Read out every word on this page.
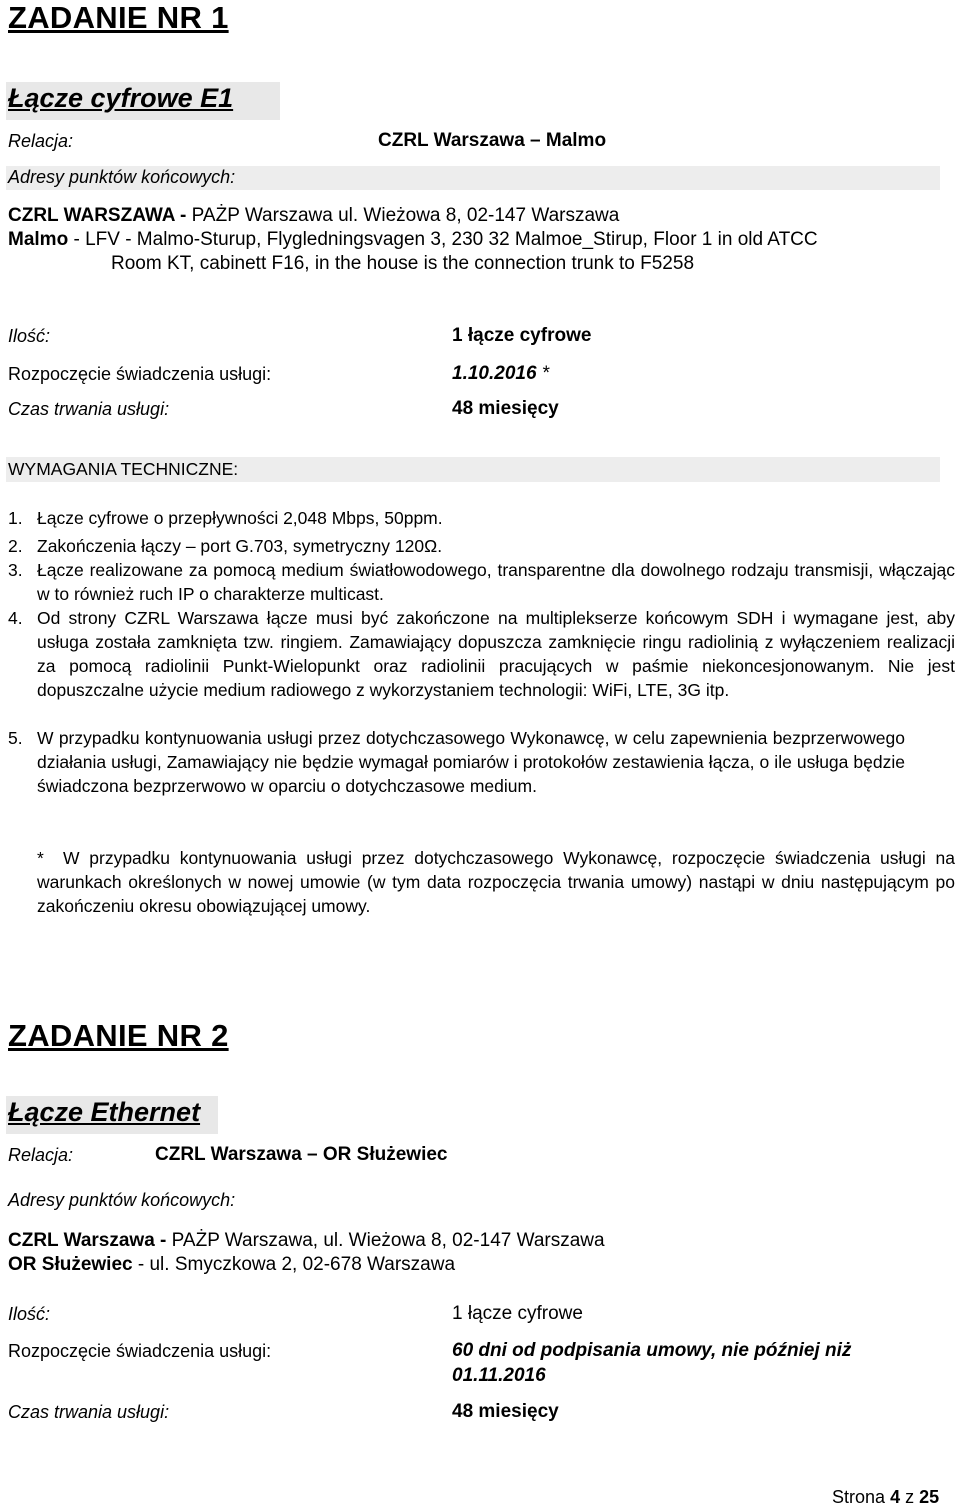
ZADANIE NR 1
Łącze cyfrowe E1
Relacja:	CZRL Warszawa – Malmo
Adresy punktów końcowych:
CZRL WARSZAWA - PAŻP Warszawa ul. Wieżowa 8, 02-147 Warszawa
Malmo - LFV - Malmo-Sturup, Flygledningsvagen 3, 230 32 Malmoe_Stirup, Floor 1 in old ATCC
Room KT, cabinett F16, in the house is the connection trunk to F5258
Ilość:	1 łącze cyfrowe
Rozpoczęcie świadczenia usługi:	1.10.2016 *
Czas trwania usługi:	48 miesięcy
WYMAGANIA TECHNICZNE:
1. Łącze cyfrowe o przepływności 2,048 Mbps, 50ppm.
2. Zakończenia łączy – port G.703, symetryczny 120Ω.
3. Łącze realizowane za pomocą medium światłowodowego, transparentne dla dowolnego rodzaju transmisji, włączając w to również ruch IP o charakterze multicast.

4. Od strony CZRL Warszawa łącze musi być zakończone na multiplekserze końcowym SDH i wymagane jest, aby usługa została zamknięta tzw. ringiem. Zamawiający dopuszcza zamknięcie ringu radiolinią z wyłączeniem realizacji za pomocą radiolinii Punkt-Wielopunkt oraz radiolinii pracujących w paśmie niekoncesjonowanym. Nie jest dopuszczalne użycie medium radiowego z wykorzystaniem technologii: WiFi, LTE, 3G itp.

5. W przypadku kontynuowania usługi przez dotychczasowego Wykonawcę, w celu zapewnienia bezprzerwowego działania usługi, Zamawiający nie będzie wymagał pomiarów i protokołów zestawienia łącza, o ile usługa będzie świadczona bezprzerwowo w oparciu o dotychczasowe medium.

*	W przypadku kontynuowania usługi przez dotychczasowego Wykonawcę, rozpoczęcie świadczenia usługi na warunkach określonych w nowej umowie (w tym data rozpoczęcia trwania umowy) nastąpi w dniu następującym po zakończeniu okresu obowiązującej umowy.

ZADANIE NR 2
Łącze Ethernet
Relacja:	CZRL Warszawa – OR Służewiec
Adresy punktów końcowych:
CZRL Warszawa - PAŻP Warszawa, ul. Wieżowa 8, 02-147 Warszawa
OR Służewiec - ul. Smyczkowa 2, 02-678 Warszawa
Ilość:	1 łącze cyfrowe
Rozpoczęcie świadczenia usługi:	60 dni od podpisania umowy, nie później niż
01.11.2016
Czas trwania usługi:	48 miesięcy
Strona 4 z 25
